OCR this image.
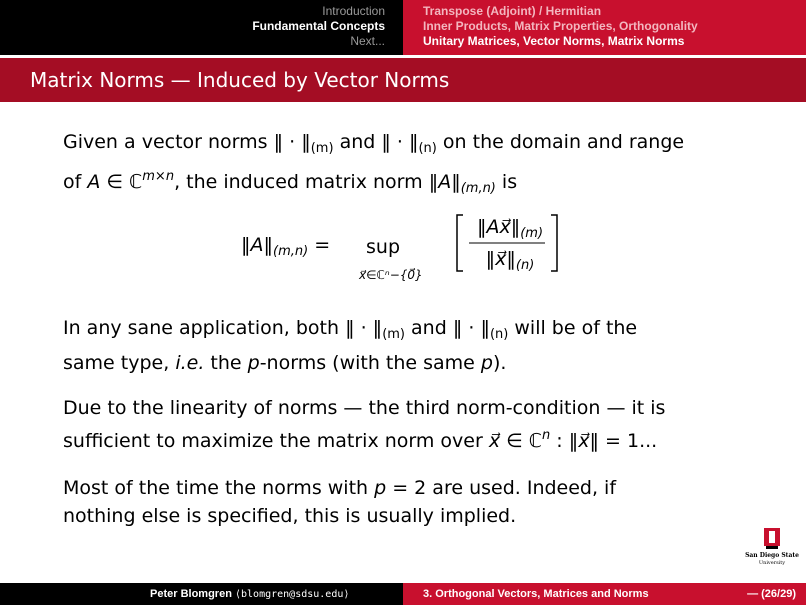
Introduction
Fundamental Concepts
Next...
Transpose (Adjoint) / Hermitian
Inner Products, Matrix Properties, Orthogonality
Unitary Matrices, Vector Norms, Matrix Norms
Matrix Norms — Induced by Vector Norms

Given a vector norms ‖ · $‖_{(m)}$ and ‖ · $‖_{(n)}$ on the domain and range
of A ∈ ℂ$^{m\times n}$, the induced matrix norm $‖A‖_{(m,n)}$ is

$‖A‖_{(m,n)}$ = sup
x⃗∈ℂⁿ−{0⃗}
$‖Ax⃗‖_{(m)}$
$‖x⃗‖_{(n)}$

In any sane application, both ‖ · $‖_{(m)}$ and ‖ · $‖_{(n)}$ will be of the
same type, i.e. the p-norms (with the same p).

Due to the linearity of norms — the third norm-condition — it is
sufficient to maximize the matrix norm over x⃗ ∈ ℂ$^n$ : ‖x⃗‖ = 1...

Most of the time the norms with p = 2 are used. Indeed, if
nothing else is specified, this is usually implied.

San Diego State
University
Peter Blomgren ⟨blomgren@sdsu.edu⟩	3. Orthogonal Vectors, Matrices and Norms	— (26/29)
